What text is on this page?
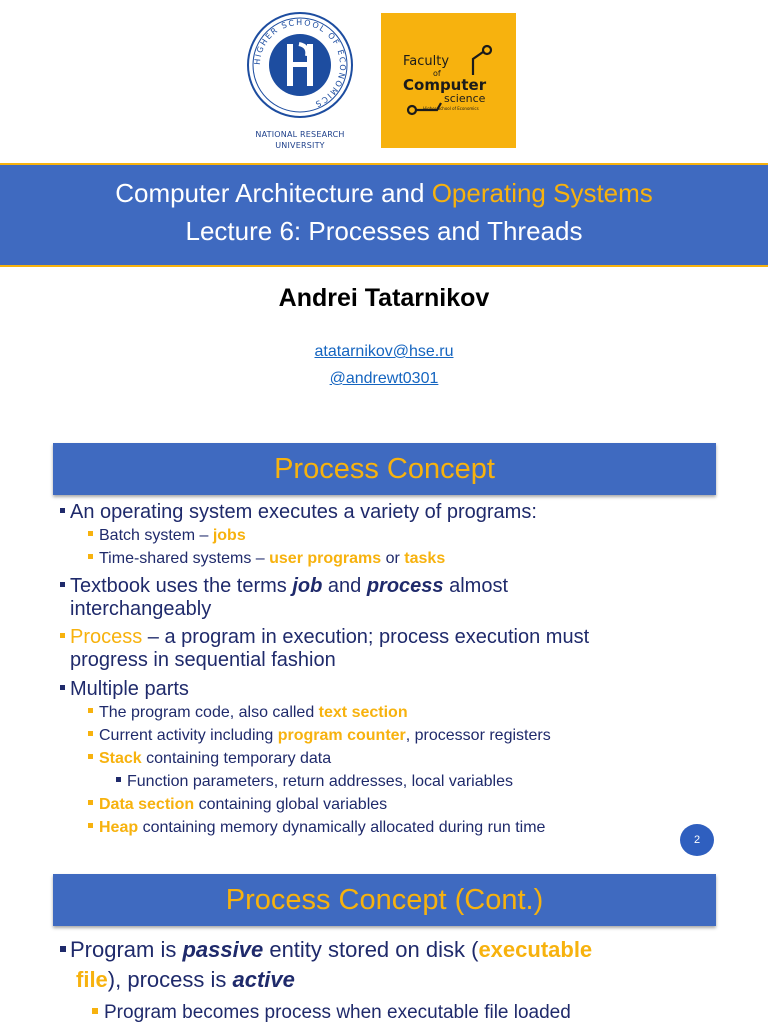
HIGHER SCHOOL OF ECONOMICS
NATIONAL RESEARCH
UNIVERSITY
Faculty
of
Computer
science
Higher School of Economics
Computer Architecture and Operating Systems
Lecture 6: Processes and Threads
Andrei Tatarnikov
atatarnikov@hse.ru
@andrewt0301
Process Concept
An operating system executes a variety of programs:
Batch system – jobs
Time-shared systems – user programs or tasks
Textbook uses the terms job and process almost
interchangeably
Process – a program in execution; process execution must
progress in sequential fashion
Multiple parts
The program code, also called text section
Current activity including program counter, processor registers
Stack containing temporary data
Function parameters, return addresses, local variables
Data section containing global variables
Heap containing memory dynamically allocated during run time
2
Process Concept (Cont.)
Program is passive entity stored on disk (executable
file), process is active
Program becomes process when executable file loaded
